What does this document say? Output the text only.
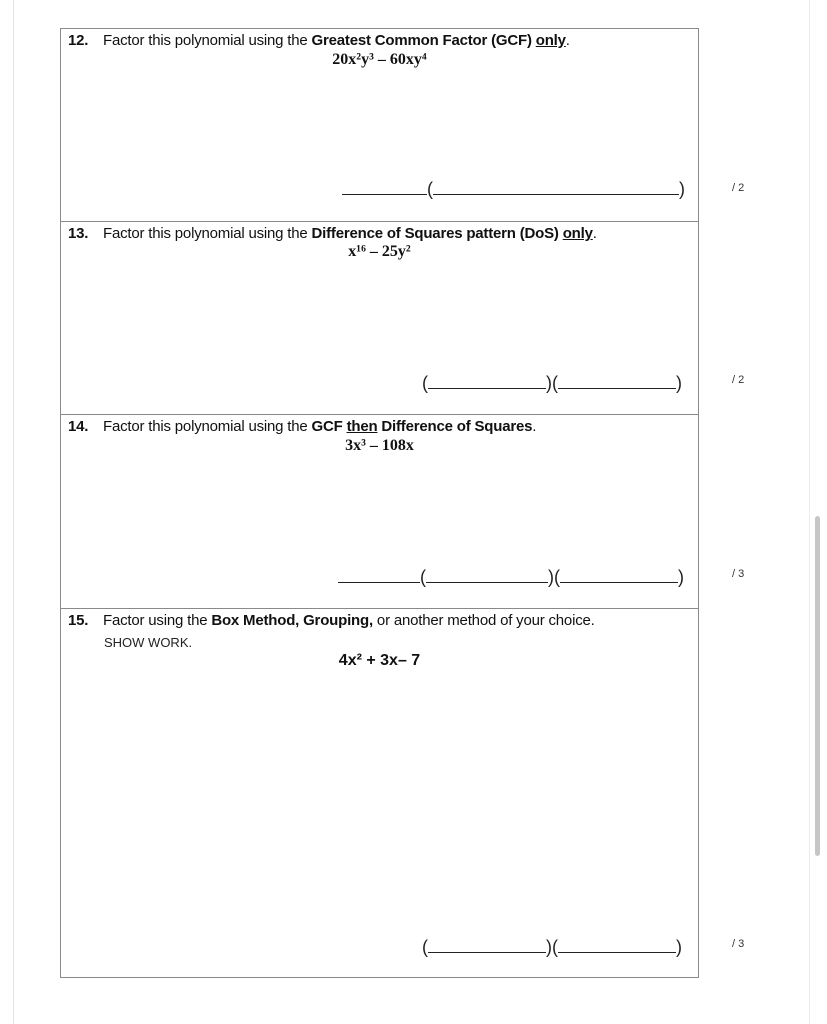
12. Factor this polynomial using the Greatest Common Factor (GCF) only.
20x²y³ – 60xy⁴
(	)
13. Factor this polynomial using the Difference of Squares pattern (DoS) only.
x¹⁶ – 25y²
(	)(	)
14. Factor this polynomial using the GCF then Difference of Squares.
3x³ – 108x
(	)(	)
15. Factor using the Box Method, Grouping, or another method of your choice.
SHOW WORK.
4x² + 3x– 7
(	)(	)
/ 2
/ 2
/ 3
/ 3
